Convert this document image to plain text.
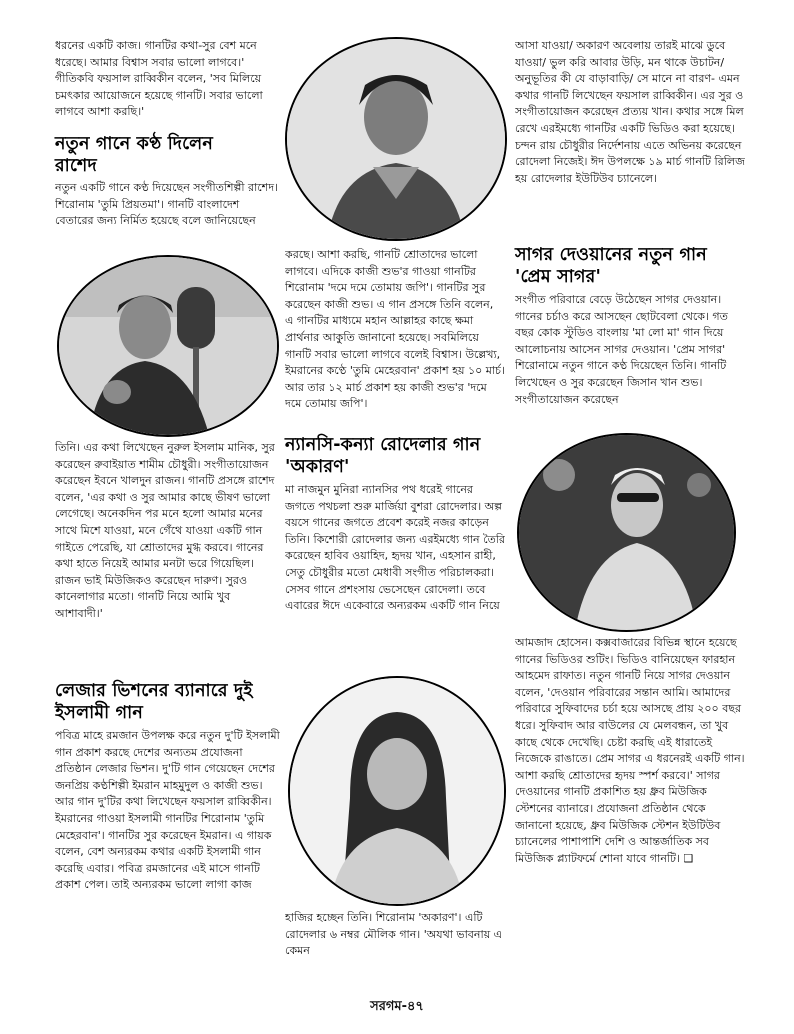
ধরনের একটি কাজ। গানটির কথা-সুর বেশ মনে ধরেছে। আমার বিশ্বাস সবার ভালো লাগবে।' গীতিকবি ফয়সাল রাব্বিকীন বলেন, 'সব মিলিয়ে চমৎকার আয়োজনে হয়েছে গানটি। সবার ভালো লাগবে আশা করছি।'

নতুন গানে কণ্ঠ দিলেন রাশেদ

নতুন একটি গানে কণ্ঠ দিয়েছেন সংগীতশিল্পী রাশেদ। শিরোনাম 'তুমি প্রিয়তমা'। গানটি বাংলাদেশ বেতারের জন্য নির্মিত হয়েছে বলে জানিয়েছেন

তিনি। এর কথা লিখেছেন নুরুল ইসলাম মানিক, সুর করেছেন রুবাইয়াত শামীম চৌধুরী। সংগীতায়োজন করেছেন ইবনে খালদুন রাজন। গানটি প্রসঙ্গে রাশেদ বলেন, 'এর কথা ও সুর আমার কাছে ভীষণ ভালো লেগেছে। অনেকদিন পর মনে হলো আমার মনের সাথে মিশে যাওয়া, মনে গেঁথে যাওয়া একটি গান গাইতে পেরেছি, যা শ্রোতাদের মুগ্ধ করবে। গানের কথা হাতে নিয়েই আমার মনটা ভরে গিয়েছিল। রাজন ভাই মিউজিকও করেছেন দারুণ। সুরও কানেলাগার মতো। গানটি নিয়ে আমি খুব আশাবাদী।'

লেজার ভিশনের ব্যানারে দুই ইসলামী গান

পবিত্র মাহে রমজান উপলক্ষ করে নতুন দু'টি ইসলামী গান প্রকাশ করছে দেশের অন্যতম প্রযোজনা প্রতিষ্ঠান লেজার ভিশন। দু'টি গান গেয়েছেন দেশের জনপ্রিয় কণ্ঠশিল্পী ইমরান মাহমুদুল ও কাজী শুভ। আর গান দু'টির কথা লিখেছেন ফয়সাল রাব্বিকীন। ইমরানের গাওয়া ইসলামী গানটির শিরোনাম 'তুমি মেহেরবান'। গানটির সুর করেছেন ইমরান। এ গায়ক বলেন, বেশ অন্যরকম কথার একটি ইসলামী গান করেছি এবার। পবিত্র রমজানের এই মাসে গানটি প্রকাশ পেল। তাই অন্যরকম ভালো লাগা কাজ

করছে। আশা করছি, গানটি শ্রোতাদের ভালো লাগবে। এদিকে কাজী শুভ'র গাওয়া গানটির শিরোনাম 'দমে দমে তোমায় জপি'। গানটির সুর করেছেন কাজী শুভ। এ গান প্রসঙ্গে তিনি বলেন, এ গানটির মাধ্যমে মহান আল্লাহর কাছে ক্ষমা প্রার্থনার আকুতি জানানো হয়েছে। সবমিলিয়ে গানটি সবার ভালো লাগবে বলেই বিশ্বাস। উল্লেখ্য, ইমরানের কণ্ঠে 'তুমি মেহেরবান' প্রকাশ হয় ১০ মার্চ। আর তার ১২ মার্চ প্রকাশ হয় কাজী শুভ'র 'দমে দমে তোমায় জপি'।

ন্যানসি-কন্যা রোদেলার গান 'অকারণ'

মা নাজমুন মুনিরা ন্যানসির পথ ধরেই গানের জগতে পথচলা শুরু মার্জিয়া বুশরা রোদেলার। অল্প বয়সে গানের জগতে প্রবেশ করেই নজর কাড়েন তিনি। কিশোরী রোদেলার জন্য এরইমধ্যে গান তৈরি করেছেন হাবিব ওয়াহিদ, হৃদয় খান, এহসান রাহী, সেতু চৌধুরীর মতো মেধাবী সংগীত পরিচালকরা। সেসব গানে প্রশংসায় ভেসেছেন রোদেলা। তবে এবারের ঈদে একেবারে অন্যরকম একটি গান নিয়ে

হাজির হচ্ছেন তিনি। শিরোনাম 'অকারণ'। এটি রোদেলার ৬ নম্বর মৌলিক গান। 'অযথা ভাবনায় এ কেমন

আসা যাওয়া/ অকারণ অবেলায় তারই মাঝে ডুবে যাওয়া/ ভুল করি আবার উড়ি, মন থাকে উচাটন/ অনুভূতির কী যে বাড়াবাড়ি/ সে মানে না বারণ- এমন কথার গানটি লিখেছেন ফয়সাল রাব্বিকীন। এর সুর ও সংগীতায়োজন করেছেন প্রত্যয় খান। কথার সঙ্গে মিল রেখে এরইমধ্যে গানটির একটি ভিডিও করা হয়েছে। চন্দন রায় চৌধুরীর নির্দেশনায় এতে অভিনয় করেছেন রোদেলা নিজেই। ঈদ উপলক্ষে ১৯ মার্চ গানটি রিলিজ হয় রোদেলার ইউটিউব চ্যানেলে।

সাগর দেওয়ানের নতুন গান 'প্রেম সাগর'

সংগীত পরিবারে বেড়ে উঠেছেন সাগর দেওয়ান। গানের চর্চাও করে আসছেন ছোটবেলা থেকে। গত বছর কোক স্টুডিও বাংলায় 'মা লো মা' গান দিয়ে আলোচনায় আসেন সাগর দেওয়ান। 'প্রেম সাগর' শিরোনামে নতুন গানে কণ্ঠ দিয়েছেন তিনি। গানটি লিখেছেন ও সুর করেছেন জিসান খান শুভ। সংগীতায়োজন করেছেন

আমজাদ হোসেন। কক্সবাজারের বিভিন্ন স্থানে হয়েছে গানের ভিডিওর শুটিং। ভিডিও বানিয়েছেন ফারহান আহমেদ রাফাত। নতুন গানটি নিয়ে সাগর দেওয়ান বলেন, 'দেওয়ান পরিবারের সন্তান আমি। আমাদের পরিবারে সুফিবাদের চর্চা হয়ে আসছে প্রায় ২০০ বছর ধরে। সুফিবাদ আর বাউলের যে মেলবন্ধন, তা খুব কাছে থেকে দেখেছি। চেষ্টা করছি এই ধারাতেই নিজেকে রাঙাতে। প্রেম সাগর এ ধরনেরই একটি গান। আশা করছি শ্রোতাদের হৃদয় স্পর্শ করবে।' সাগর দেওয়ানের গানটি প্রকাশিত হয় ধ্রুব মিউজিক স্টেশনের ব্যানারে। প্রযোজনা প্রতিষ্ঠান থেকে জানানো হয়েছে, ধ্রুব মিউজিক স্টেশন ইউটিউব চ্যানেলের পাশাপাশি দেশি ও আন্তর্জাতিক সব মিউজিক প্ল্যাটফর্মে শোনা যাবে গানটি। ❑

সরগম-৪৭
